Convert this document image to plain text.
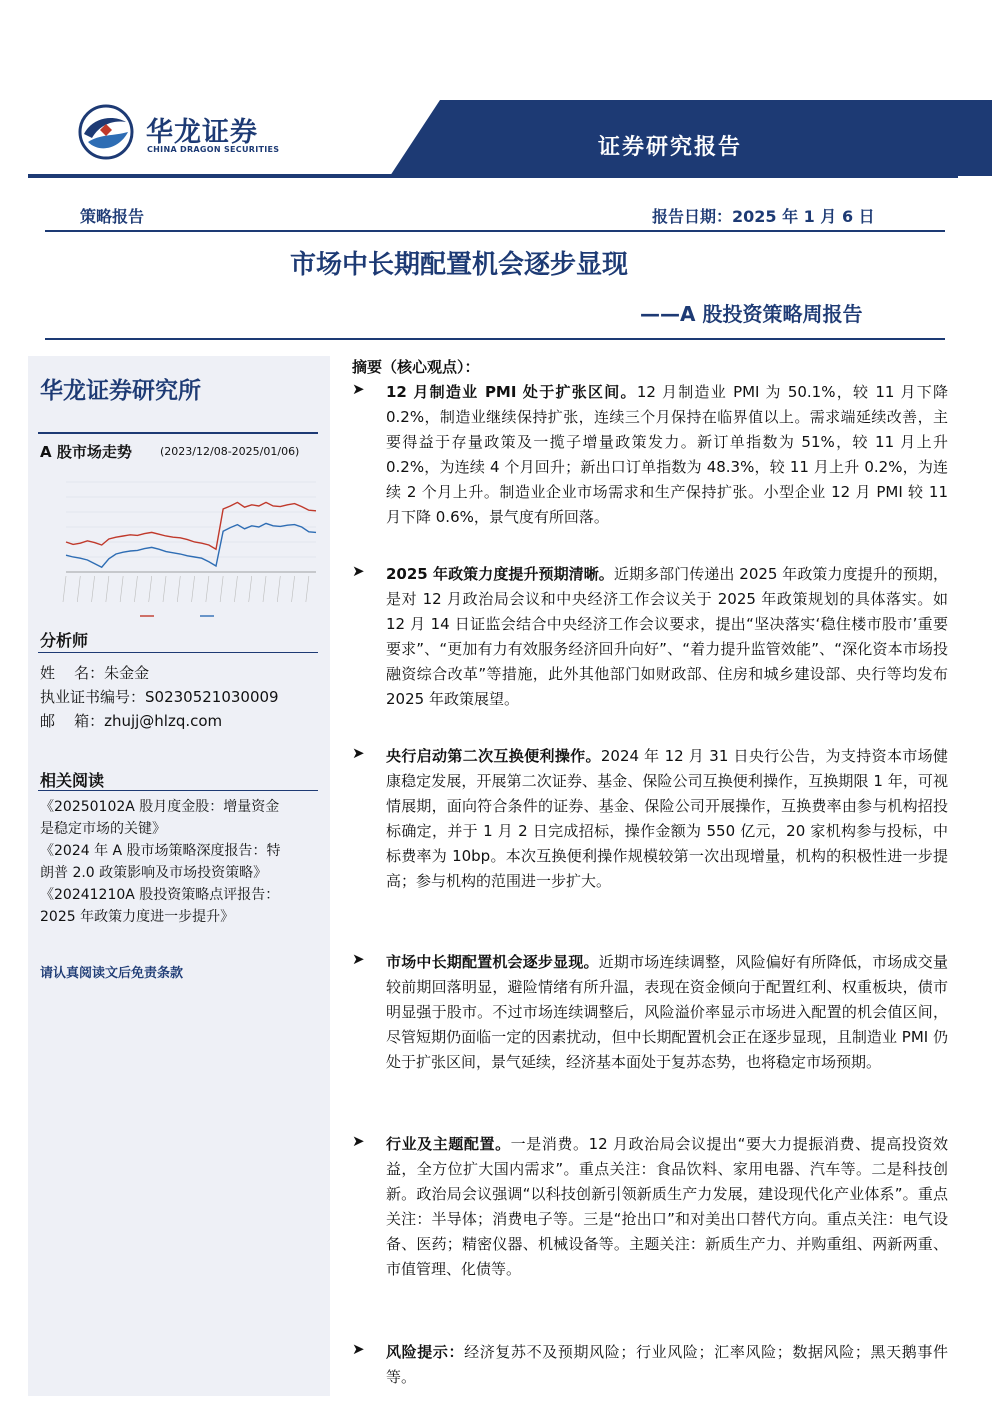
证券研究报告
华龙证券
CHINA DRAGON SECURITIES
策略报告	报告日期：2025 年 1 月 6 日
市场中长期配置机会逐步显现
——A 股投资策略周报告
华龙证券研究所
A 股市场走势	(2023/12/08-2025/01/06)
分析师
姓    名：朱金金
执业证书编号：S0230521030009
邮    箱：zhujj@hlzq.com
相关阅读
《20250102A 股月度金股：增量资金
是稳定市场的关键》
《2024 年 A 股市场策略深度报告：特
朗普 2.0 政策影响及市场投资策略》
《20241210A 股投资策略点评报告：
2025 年政策力度进一步提升》
请认真阅读文后免责条款
摘要（核心观点）：
➤ 12 月制造业 PMI 处于扩张区间。12 月制造业 PMI 为 50.1%，较 11 月下降 0.2%，制造业继续保持扩张，连续三个月保持在临界值以上。需求端延续改善，主要得益于存量政策及一揽子增量政策发力。新订单指数为 51%，较 11 月上升 0.2%，为连续 4 个月回升；新出口订单指数为 48.3%，较 11 月上升 0.2%，为连续 2 个月上升。制造业企业市场需求和生产保持扩张。小型企业 12 月 PMI 较 11 月下降 0.6%，景气度有所回落。
➤ 2025 年政策力度提升预期清晰。近期多部门传递出 2025 年政策力度提升的预期，是对 12 月政治局会议和中央经济工作会议关于 2025 年政策规划的具体落实。如 12 月 14 日证监会结合中央经济工作会议要求，提出“坚决落实‘稳住楼市股市’重要要求”、“更加有力有效服务经济回升向好”、“着力提升监管效能”、“深化资本市场投融资综合改革”等措施，此外其他部门如财政部、住房和城乡建设部、央行等均发布 2025 年政策展望。
➤ 央行启动第二次互换便利操作。2024 年 12 月 31 日央行公告，为支持资本市场健康稳定发展，开展第二次证券、基金、保险公司互换便利操作，互换期限 1 年，可视情展期，面向符合条件的证券、基金、保险公司开展操作，互换费率由参与机构招投标确定，并于 1 月 2 日完成招标，操作金额为 550 亿元，20 家机构参与投标，中标费率为 10bp。本次互换便利操作规模较第一次出现增量，机构的积极性进一步提高；参与机构的范围进一步扩大。
➤ 市场中长期配置机会逐步显现。近期市场连续调整，风险偏好有所降低，市场成交量较前期回落明显，避险情绪有所升温，表现在资金倾向于配置红利、权重板块，债市明显强于股市。不过市场连续调整后，风险溢价率显示市场进入配置的机会值区间，尽管短期仍面临一定的因素扰动，但中长期配置机会正在逐步显现，且制造业 PMI 仍处于扩张区间，景气延续，经济基本面处于复苏态势，也将稳定市场预期。
➤ 行业及主题配置。一是消费。12 月政治局会议提出“要大力提振消费、提高投资效益，全方位扩大国内需求”。重点关注：食品饮料、家用电器、汽车等。二是科技创新。政治局会议强调“以科技创新引领新质生产力发展，建设现代化产业体系”。重点关注：半导体；消费电子等。三是“抢出口”和对美出口替代方向。重点关注：电气设备、医药；精密仪器、机械设备等。主题关注：新质生产力、并购重组、两新两重、市值管理、化债等。
➤ 风险提示：经济复苏不及预期风险；行业风险；汇率风险；数据风险；黑天鹅事件等。
